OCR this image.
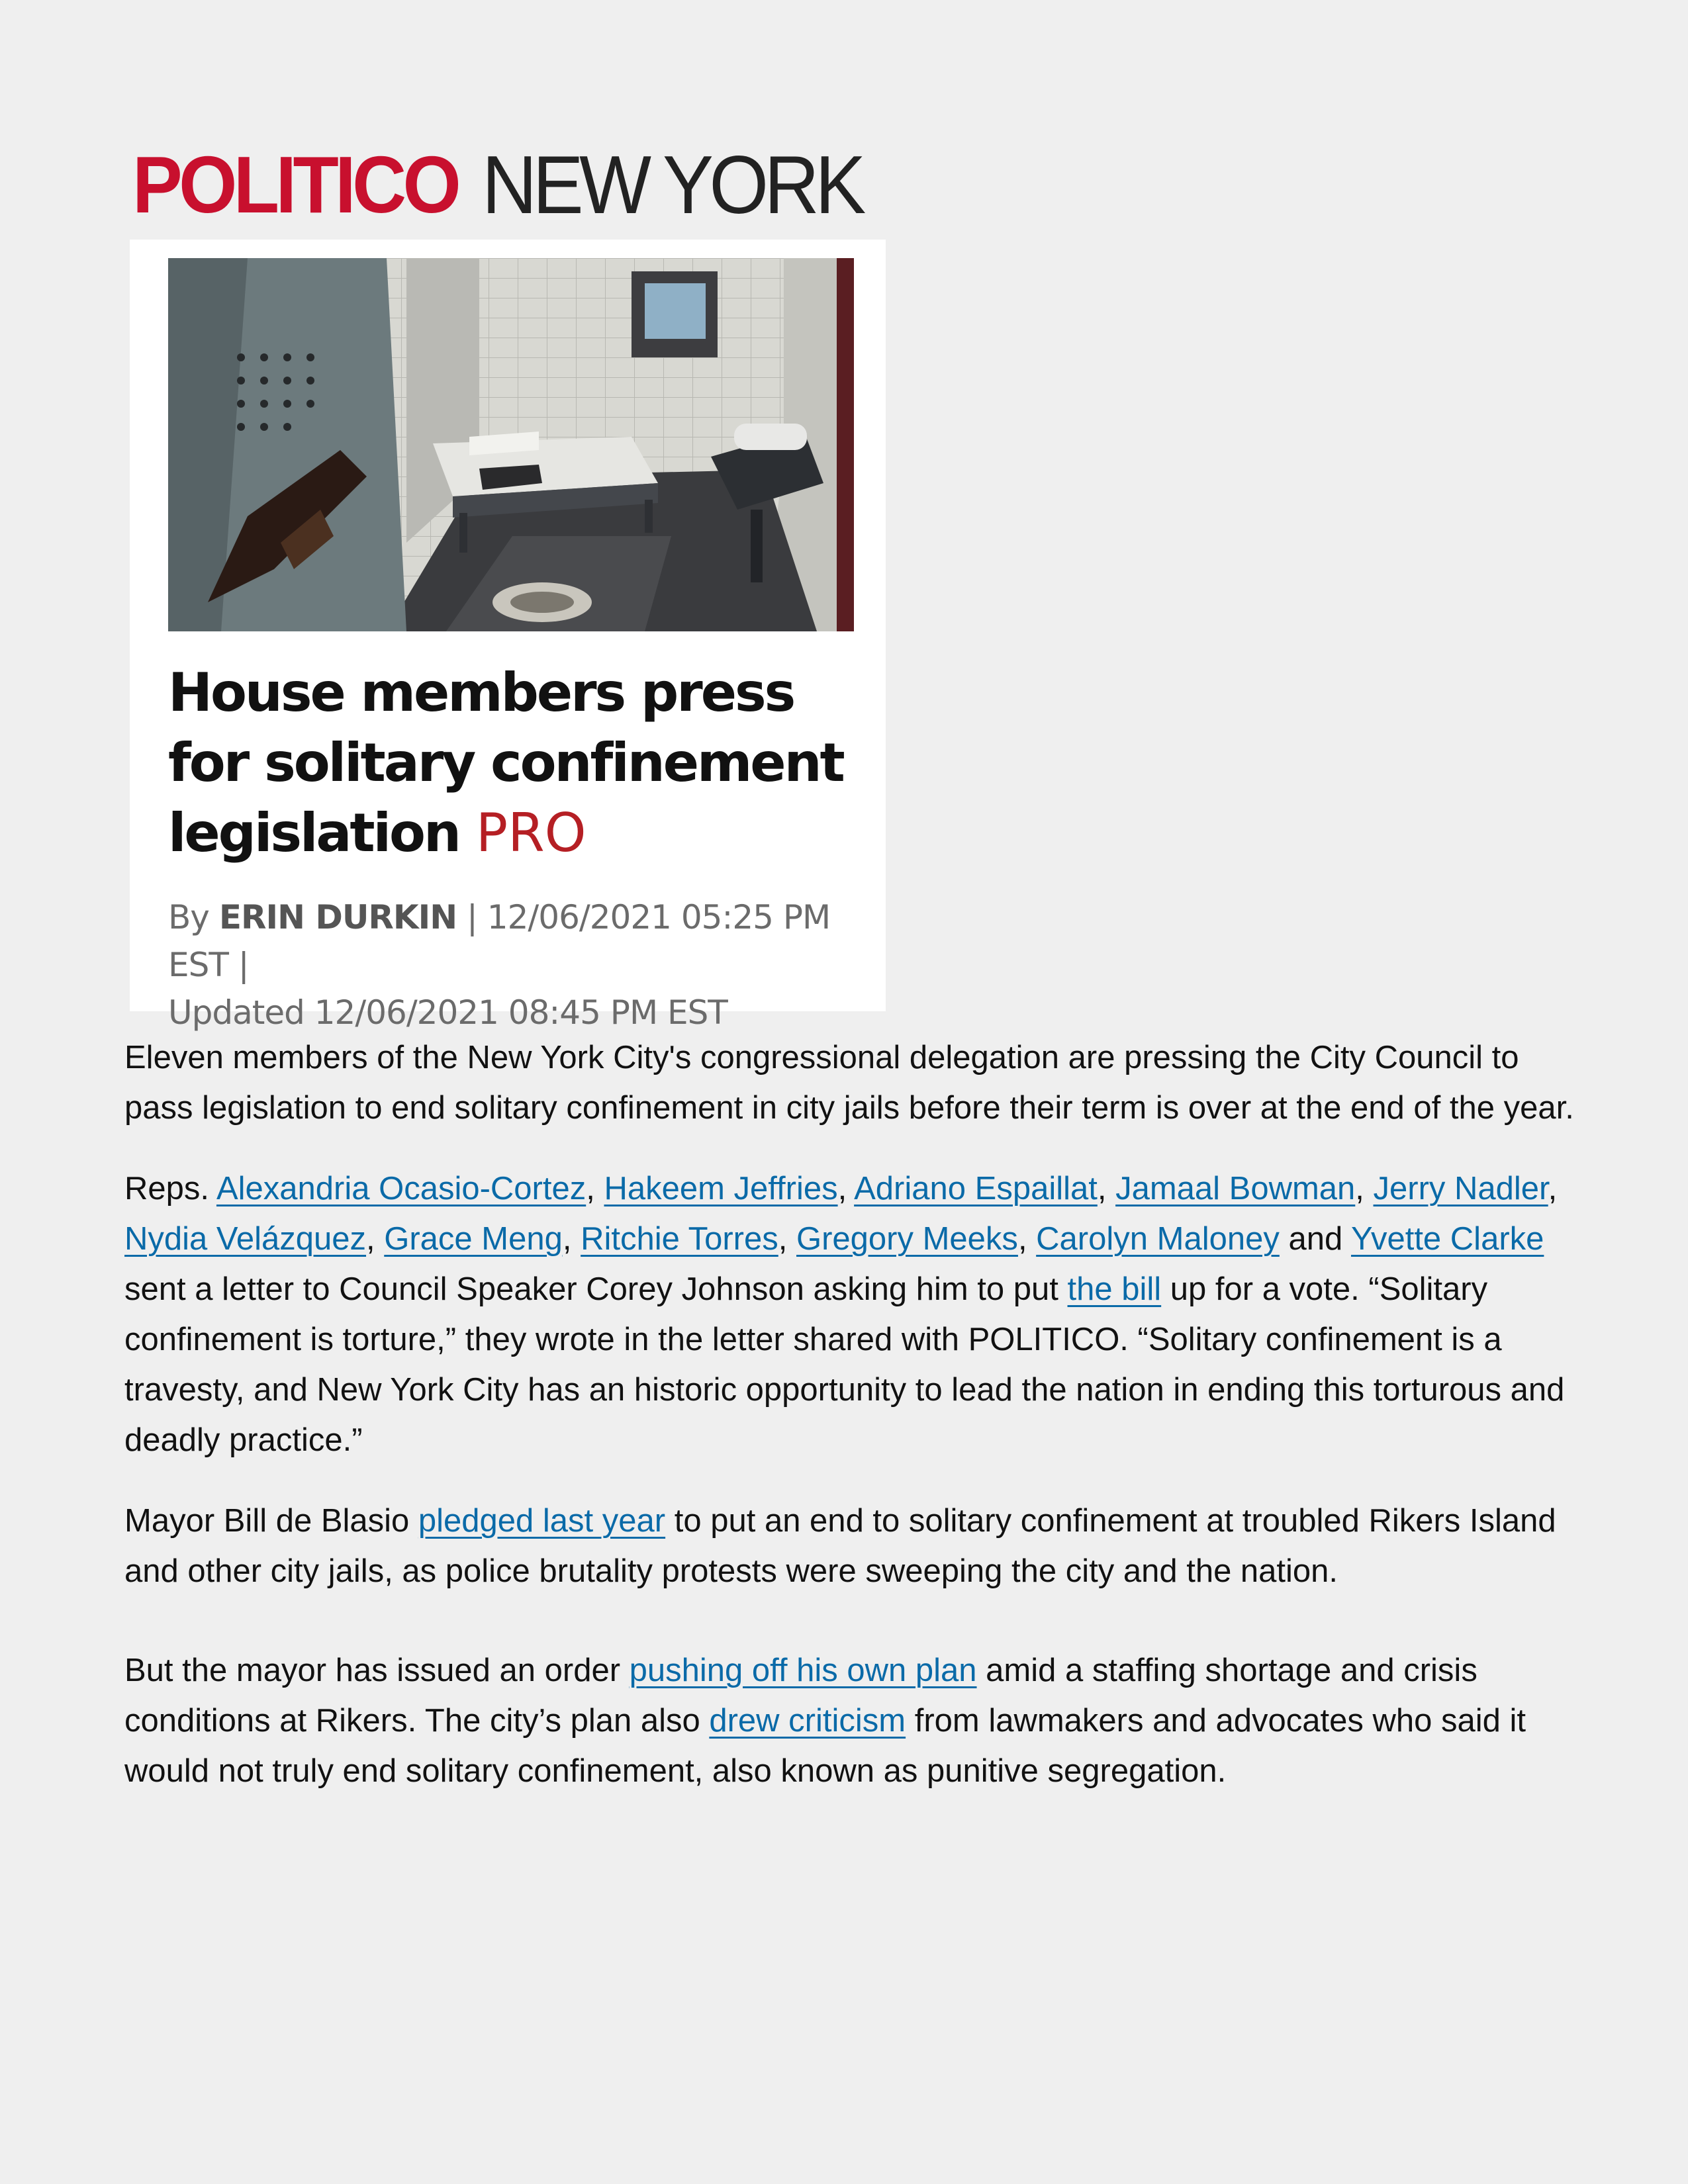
POLITICO NEW YORK
House members press for solitary confinement legislation PRO
By ERIN DURKIN | 12/06/2021 05:25 PM EST |
Updated 12/06/2021 08:45 PM EST

Eleven members of the New York City's congressional delegation are pressing the City Council to pass legislation to end solitary confinement in city jails before their term is over at the end of the year.

Reps. Alexandria Ocasio-Cortez, Hakeem Jeffries, Adriano Espaillat, Jamaal Bowman, Jerry Nadler, Nydia Velázquez, Grace Meng, Ritchie Torres, Gregory Meeks, Carolyn Maloney and Yvette Clarke sent a letter to Council Speaker Corey Johnson asking him to put the bill up for a vote. “Solitary confinement is torture,” they wrote in the letter shared with POLITICO. “Solitary confinement is a travesty, and New York City has an historic opportunity to lead the nation in ending this torturous and deadly practice.”

Mayor Bill de Blasio pledged last year to put an end to solitary confinement at troubled Rikers Island and other city jails, as police brutality protests were sweeping the city and the nation.

But the mayor has issued an order pushing off his own plan amid a staffing shortage and crisis conditions at Rikers. The city’s plan also drew criticism from lawmakers and advocates who said it would not truly end solitary confinement, also known as punitive segregation.
